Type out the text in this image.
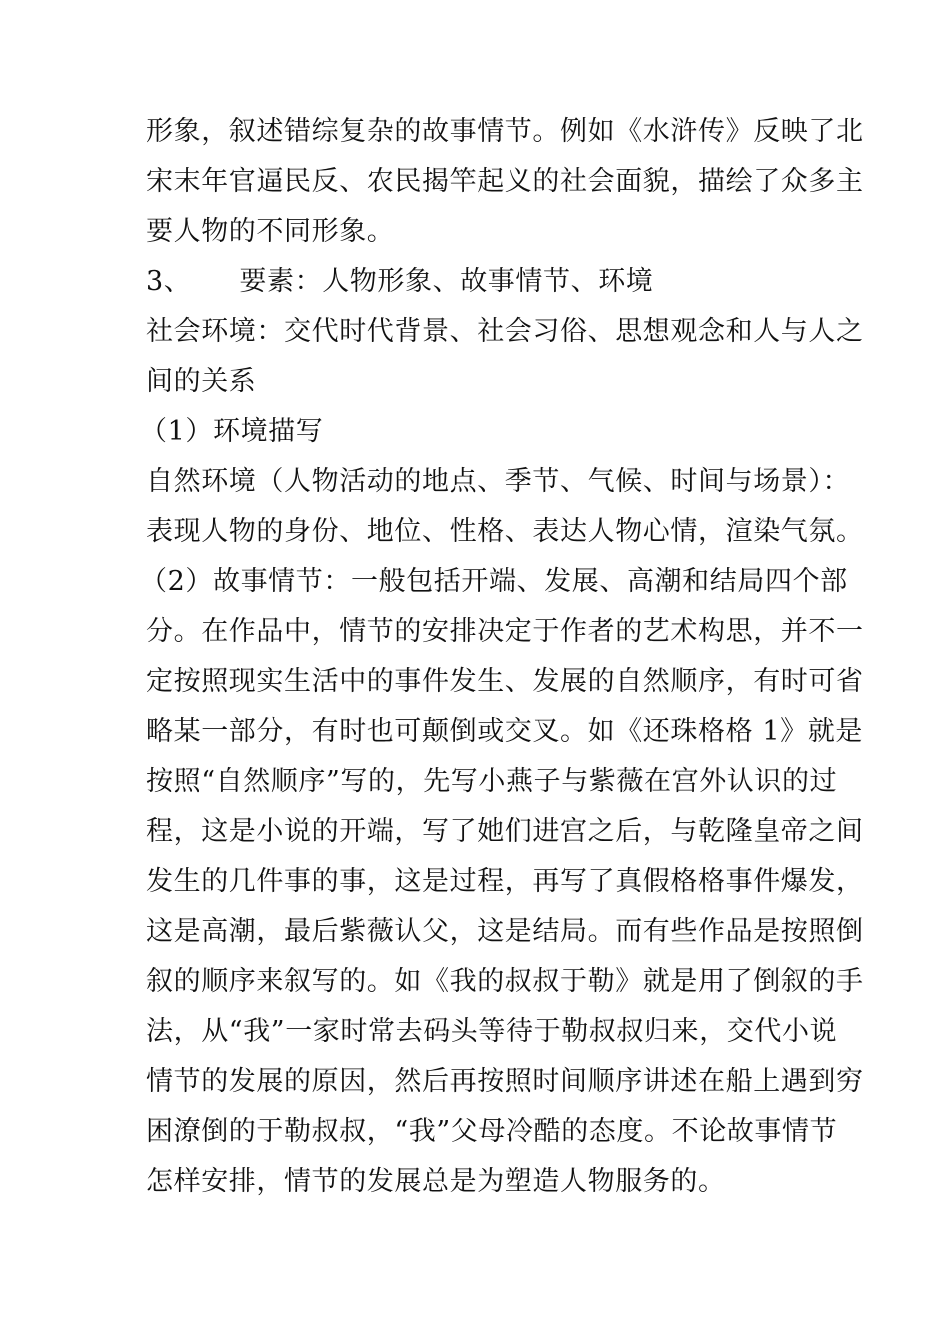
形象，叙述错综复杂的故事情节。例如《水浒传》反映了北
宋末年官逼民反、农民揭竿起义的社会面貌，描绘了众多主
要人物的不同形象。
3、 要素：人物形象、故事情节、环境
社会环境：交代时代背景、社会习俗、思想观念和人与人之
间的关系
（1）环境描写
自然环境（人物活动的地点、季节、气候、时间与场景）：
表现人物的身份、地位、性格、表达人物心情，渲染气氛。
（2）故事情节：一般包括开端、发展、高潮和结局四个部
分。在作品中，情节的安排决定于作者的艺术构思，并不一
定按照现实生活中的事件发生、发展的自然顺序，有时可省
略某一部分，有时也可颠倒或交叉。如《还珠格格 1》就是
按照“自然顺序”写的，先写小燕子与紫薇在宫外认识的过
程，这是小说的开端，写了她们进宫之后，与乾隆皇帝之间
发生的几件事的事，这是过程，再写了真假格格事件爆发，
这是高潮，最后紫薇认父，这是结局。而有些作品是按照倒
叙的顺序来叙写的。如《我的叔叔于勒》就是用了倒叙的手
法，从“我”一家时常去码头等待于勒叔叔归来，交代小说
情节的发展的原因，然后再按照时间顺序讲述在船上遇到穷
困潦倒的于勒叔叔，“我”父母冷酷的态度。不论故事情节
怎样安排，情节的发展总是为塑造人物服务的。
